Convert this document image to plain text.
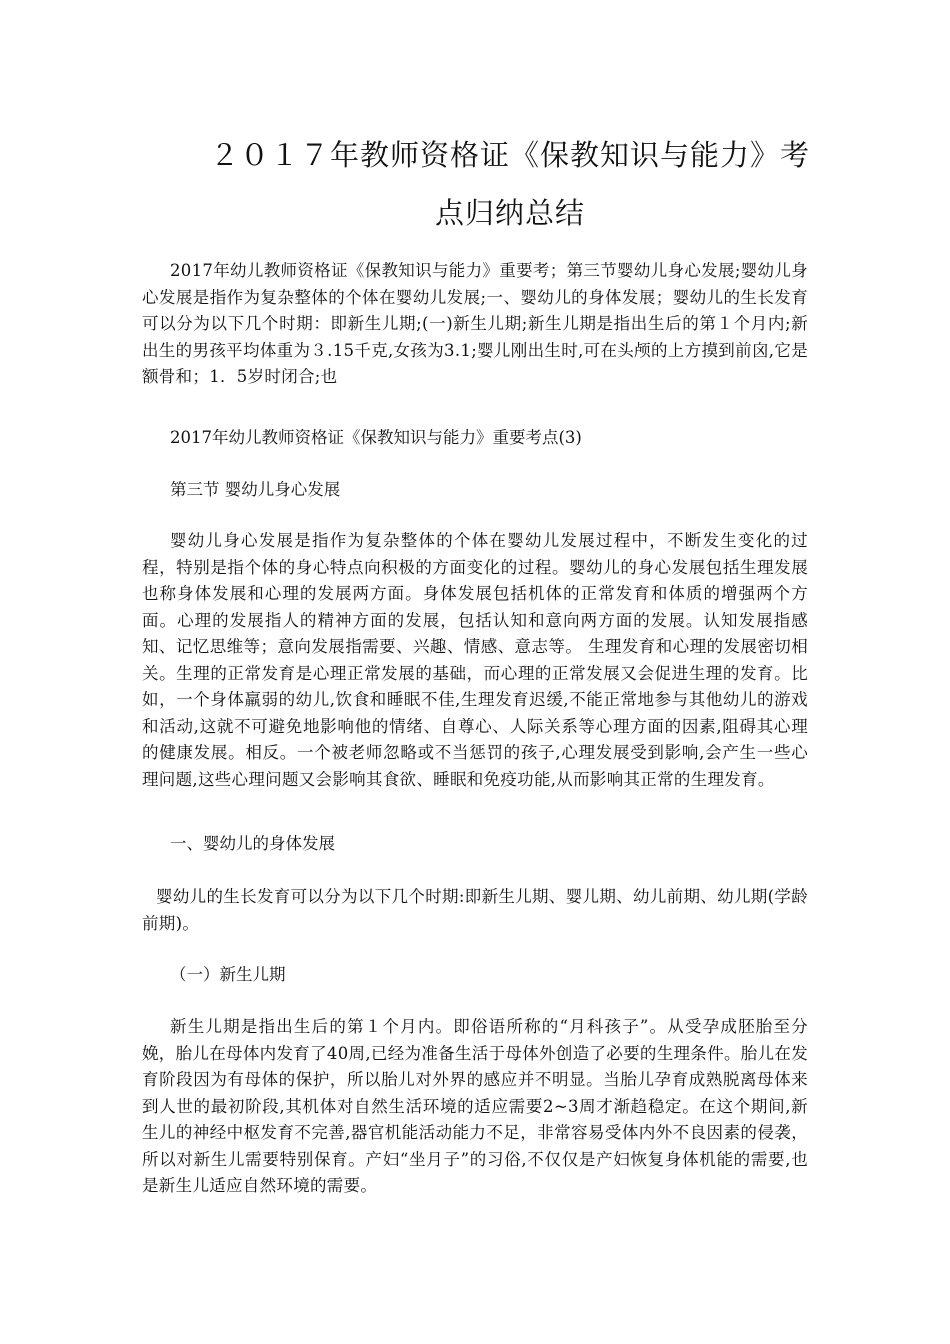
２０１７年教师资格证《保教知识与能力》考
点归纳总结
2017年幼儿教师资格证《保教知识与能力》重要考；第三节婴幼儿身心发展;婴幼儿身心发展是指作为复杂整体的个体在婴幼儿发展;一、婴幼儿的身体发展；婴幼儿的生长发育可以分为以下几个时期：即新生儿期;(一)新生儿期;新生儿期是指出生后的第１个月内;新出生的男孩平均体重为３.15千克,女孩为3.1;婴儿刚出生时,可在头颅的上方摸到前囟,它是额骨和；1．5岁时闭合;也
2017年幼儿教师资格证《保教知识与能力》重要考点(3)
第三节 婴幼儿身心发展
婴幼儿身心发展是指作为复杂整体的个体在婴幼儿发展过程中，不断发生变化的过程，特别是指个体的身心特点向积极的方面变化的过程。婴幼儿的身心发展包括生理发展也称身体发展和心理的发展两方面。身体发展包括机体的正常发育和体质的增强两个方面。心理的发展指人的精神方面的发展，包括认知和意向两方面的发展。认知发展指感知、记忆思维等；意向发展指需要、兴趣、情感、意志等。 生理发育和心理的发展密切相关。生理的正常发育是心理正常发展的基础，而心理的正常发展又会促进生理的发育。比如，一个身体羸弱的幼儿,饮食和睡眠不佳,生理发育迟缓,不能正常地参与其他幼儿的游戏和活动,这就不可避免地影响他的情绪、自尊心、人际关系等心理方面的因素,阻碍其心理的健康发展。相反。一个被老师忽略或不当惩罚的孩子,心理发展受到影响,会产生一些心理问题,这些心理问题又会影响其食欲、睡眠和免疫功能,从而影响其正常的生理发育。
一、婴幼儿的身体发展
婴幼儿的生长发育可以分为以下几个时期:即新生儿期、婴儿期、幼儿前期、幼儿期(学龄前期)。
（一）新生儿期
新生儿期是指出生后的第１个月内。即俗语所称的“月科孩子”。从受孕成胚胎至分娩，胎儿在母体内发育了40周,已经为准备生活于母体外创造了必要的生理条件。胎儿在发育阶段因为有母体的保护，所以胎儿对外界的感应并不明显。当胎儿孕育成熟脱离母体来到人世的最初阶段,其机体对自然生活环境的适应需要2~3周才渐趋稳定。在这个期间,新生儿的神经中枢发育不完善,器官机能活动能力不足，非常容易受体内外不良因素的侵袭，所以对新生儿需要特别保育。产妇“坐月子”的习俗,不仅仅是产妇恢复身体机能的需要,也是新生儿适应自然环境的需要。
